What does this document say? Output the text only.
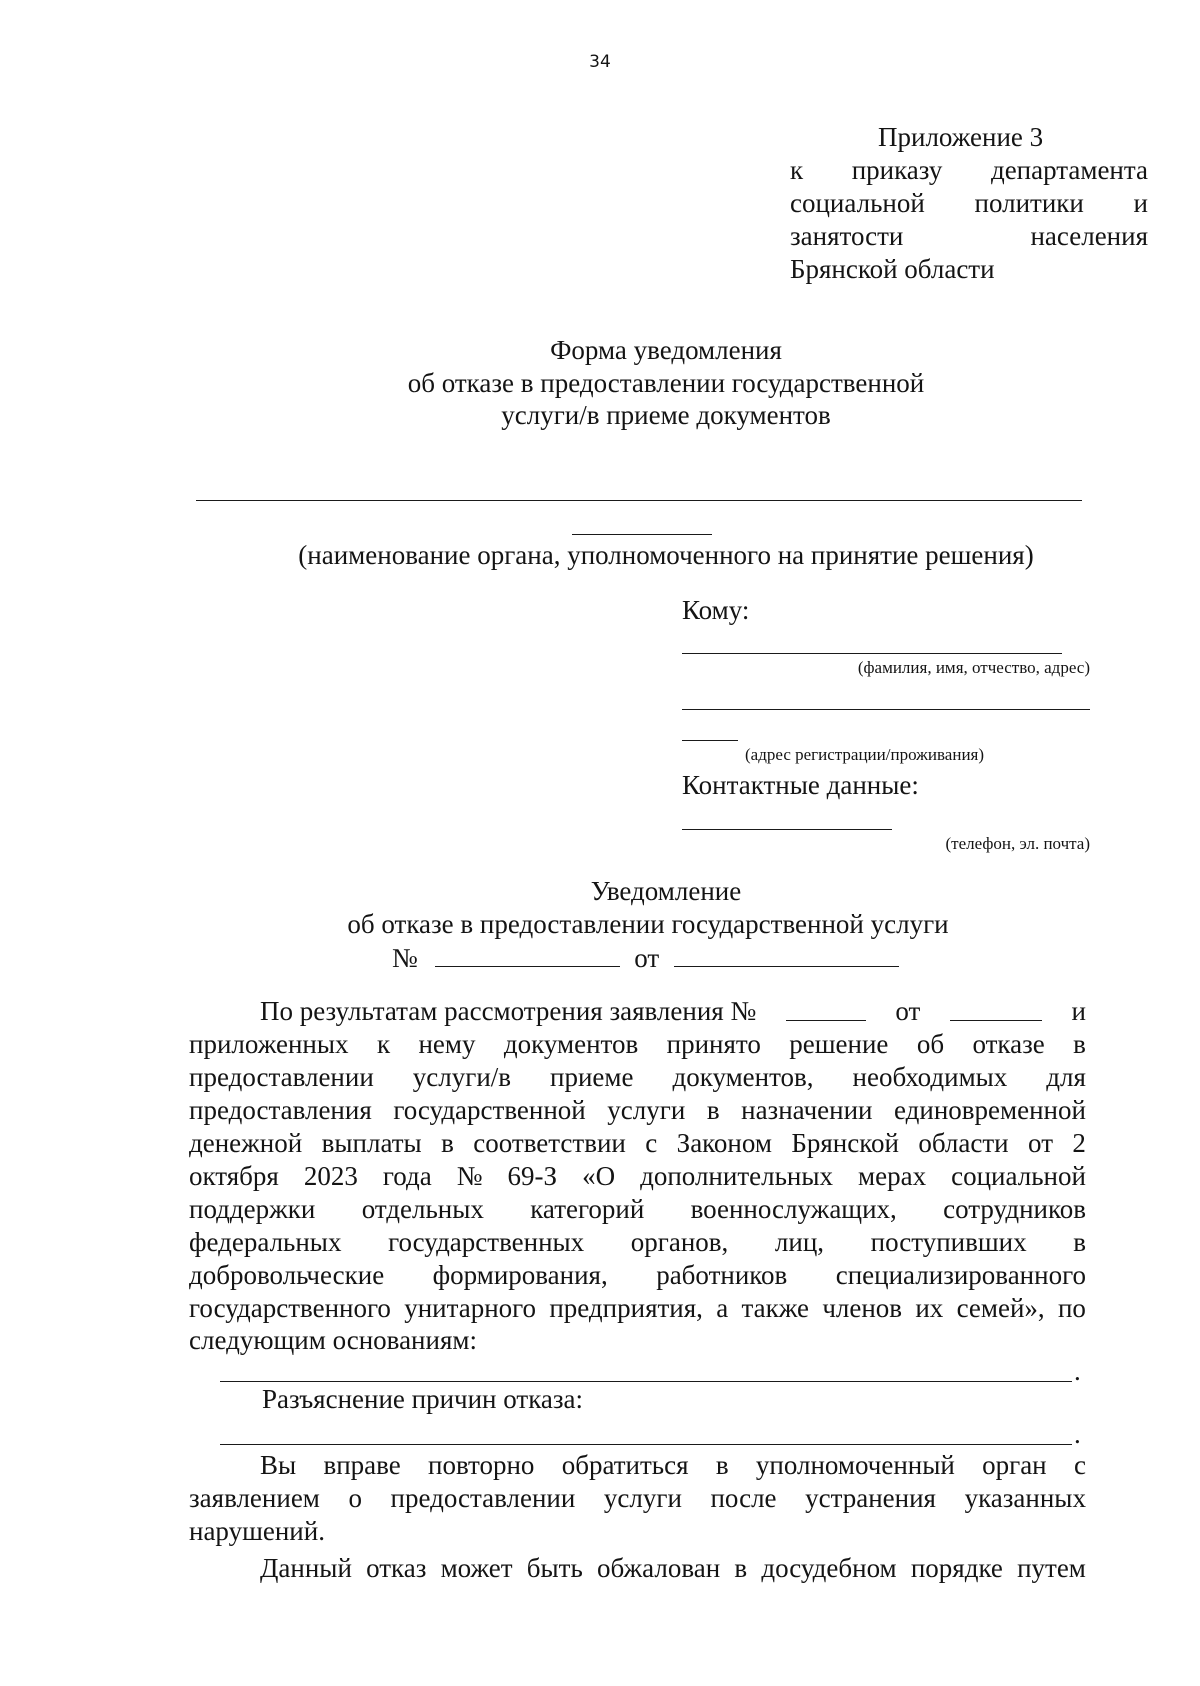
34
Приложение 3
к приказу департамента
социальной политики и
занятости	населения
Брянской области
Форма уведомления
об отказе в предоставлении государственной
услуги/в приеме документов
(наименование органа, уполномоченного на принятие решения)
Кому:
(фамилия, имя, отчество, адрес)
(адрес регистрации/проживания)
Контактные данные:
(телефон, эл. почта)
Уведомление
об отказе в предоставлении государственной услуги
№	от
По результатам рассмотрения заявления №	от	и
приложенных к нему документов принято решение об отказе в
предоставлении услуги/в приеме документов, необходимых для
предоставления государственной услуги в назначении единовременной
денежной выплаты в соответствии с Законом Брянской области от 2
октября 2023 года № 69-З «О дополнительных мерах социальной
поддержки отдельных категорий военнослужащих, сотрудников
федеральных государственных органов, лиц, поступивших в
добровольческие формирования, работников специализированного
государственного унитарного предприятия, а также членов их семей», по
следующим основаниям:
.
Разъяснение причин отказа:
.
Вы вправе повторно обратиться в уполномоченный орган с
заявлением о предоставлении услуги после устранения указанных
нарушений.
Данный отказ может быть обжалован в досудебном порядке путем
